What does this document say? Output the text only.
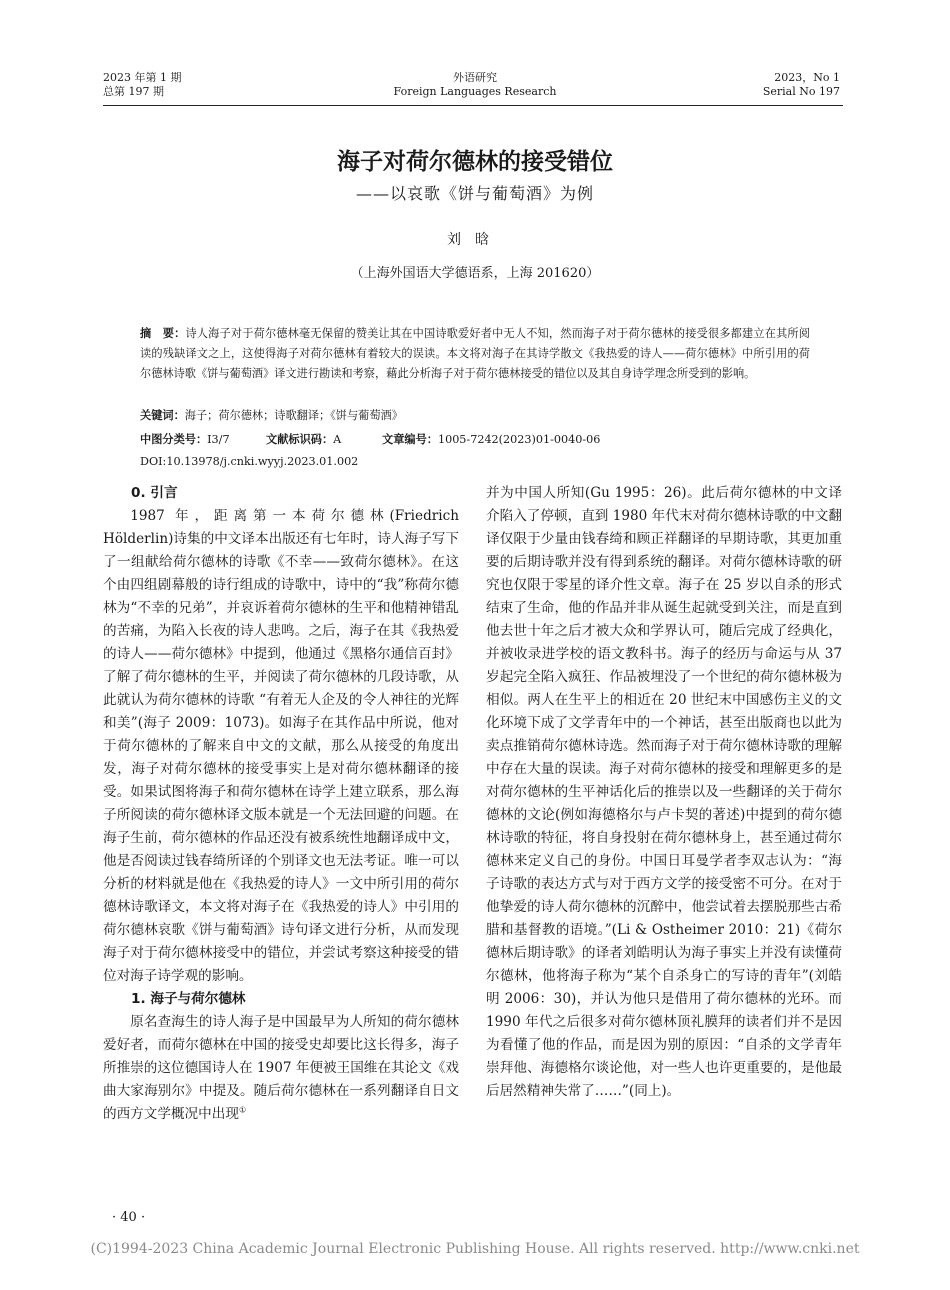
2023 年第 1 期
总第 197 期
外语研究
Foreign Languages Research
2023，No 1
Serial No 197
海子对荷尔德林的接受错位
——以哀歌《饼与葡萄酒》为例
刘晗
（上海外国语大学德语系，上海 201620）
摘　要：诗人海子对于荷尔德林毫无保留的赞美让其在中国诗歌爱好者中无人不知，然而海子对于荷尔德林的接受很多都建立在其所阅读的残缺译文之上，这使得海子对荷尔德林有着较大的误读。本文将对海子在其诗学散文《我热爱的诗人——荷尔德林》中所引用的荷尔德林诗歌《饼与葡萄酒》译文进行勘读和考察，藉此分析海子对于荷尔德林接受的错位以及其自身诗学理念所受到的影响。
关键词：海子；荷尔德林；诗歌翻译；《饼与葡萄酒》
中图分类号：I3/7	文献标识码：A	文章编号：1005-7242(2023)01-0040-06
DOI:10.13978/j.cnki.wyyj.2023.01.002
0. 引言

1987 年，距离第一本荷尔德林(Friedrich Hölderlin)诗集的中文译本出版还有七年时，诗人海子写下了一组献给荷尔德林的诗歌《不幸——致荷尔德林》。在这个由四组剧幕般的诗行组成的诗歌中，诗中的“我”称荷尔德林为“不幸的兄弟”，并哀诉着荷尔德林的生平和他精神错乱的苦痛，为陷入长夜的诗人悲鸣。之后，海子在其《我热爱的诗人——荷尔德林》中提到，他通过《黑格尔通信百封》了解了荷尔德林的生平，并阅读了荷尔德林的几段诗歌，从此就认为荷尔德林的诗歌 “有着无人企及的令人神往的光辉和美”(海子 2009：1073)。如海子在其作品中所说，他对于荷尔德林的了解来自中文的文献，那么从接受的角度出发，海子对荷尔德林的接受事实上是对荷尔德林翻译的接受。如果试图将海子和荷尔德林在诗学上建立联系，那么海子所阅读的荷尔德林译文版本就是一个无法回避的问题。在海子生前，荷尔德林的作品还没有被系统性地翻译成中文，他是否阅读过钱春绮所译的个别译文也无法考证。唯一可以分析的材料就是他在《我热爱的诗人》一文中所引用的荷尔德林诗歌译文，本文将对海子在《我热爱的诗人》中引用的荷尔德林哀歌《饼与葡萄酒》诗句译文进行分析，从而发现海子对于荷尔德林接受中的错位，并尝试考察这种接受的错位对海子诗学观的影响。

1. 海子与荷尔德林

原名查海生的诗人海子是中国最早为人所知的荷尔德林爱好者，而荷尔德林在中国的接受史却要比这长得多，海子所推崇的这位德国诗人在 1907 年便被王国维在其论文《戏曲大家海别尔》中提及。随后荷尔德林在一系列翻译自日文的西方文学概况中出现①

并为中国人所知(Gu 1995：26)。此后荷尔德林的中文译介陷入了停顿，直到 1980 年代末对荷尔德林诗歌的中文翻译仅限于少量由钱春绮和顾正祥翻译的早期诗歌，其更加重要的后期诗歌并没有得到系统的翻译。对荷尔德林诗歌的研究也仅限于零星的译介性文章。海子在 25 岁以自杀的形式结束了生命，他的作品并非从诞生起就受到关注，而是直到他去世十年之后才被大众和学界认可，随后完成了经典化，并被收录进学校的语文教科书。海子的经历与命运与从 37 岁起完全陷入疯狂、作品被埋没了一个世纪的荷尔德林极为相似。两人在生平上的相近在 20 世纪末中国感伤主义的文化环境下成了文学青年中的一个神话，甚至出版商也以此为卖点推销荷尔德林诗选。然而海子对于荷尔德林诗歌的理解中存在大量的误读。海子对荷尔德林的接受和理解更多的是对荷尔德林的生平神话化后的推崇以及一些翻译的关于荷尔德林的文论(例如海德格尔与卢卡契的著述)中提到的荷尔德林诗歌的特征，将自身投射在荷尔德林身上，甚至通过荷尔德林来定义自己的身份。中国日耳曼学者李双志认为：“海子诗歌的表达方式与对于西方文学的接受密不可分。在对于他挚爱的诗人荷尔德林的沉醉中，他尝试着去摆脱那些古希腊和基督教的语境。”(Li & Ostheimer 2010：21)《荷尔德林后期诗歌》的译者刘皓明认为海子事实上并没有读懂荷尔德林，他将海子称为“某个自杀身亡的写诗的青年”(刘皓明 2006：30)，并认为他只是借用了荷尔德林的光环。而 1990 年代之后很多对荷尔德林顶礼膜拜的读者们并不是因为看懂了他的作品，而是因为别的原因：“自杀的文学青年崇拜他、海德格尔谈论他，对一些人也许更重要的，是他最后居然精神失常了……”(同上)。

· 40 ·
(C)1994-2023 China Academic Journal Electronic Publishing House. All rights reserved. http://www.cnki.net
